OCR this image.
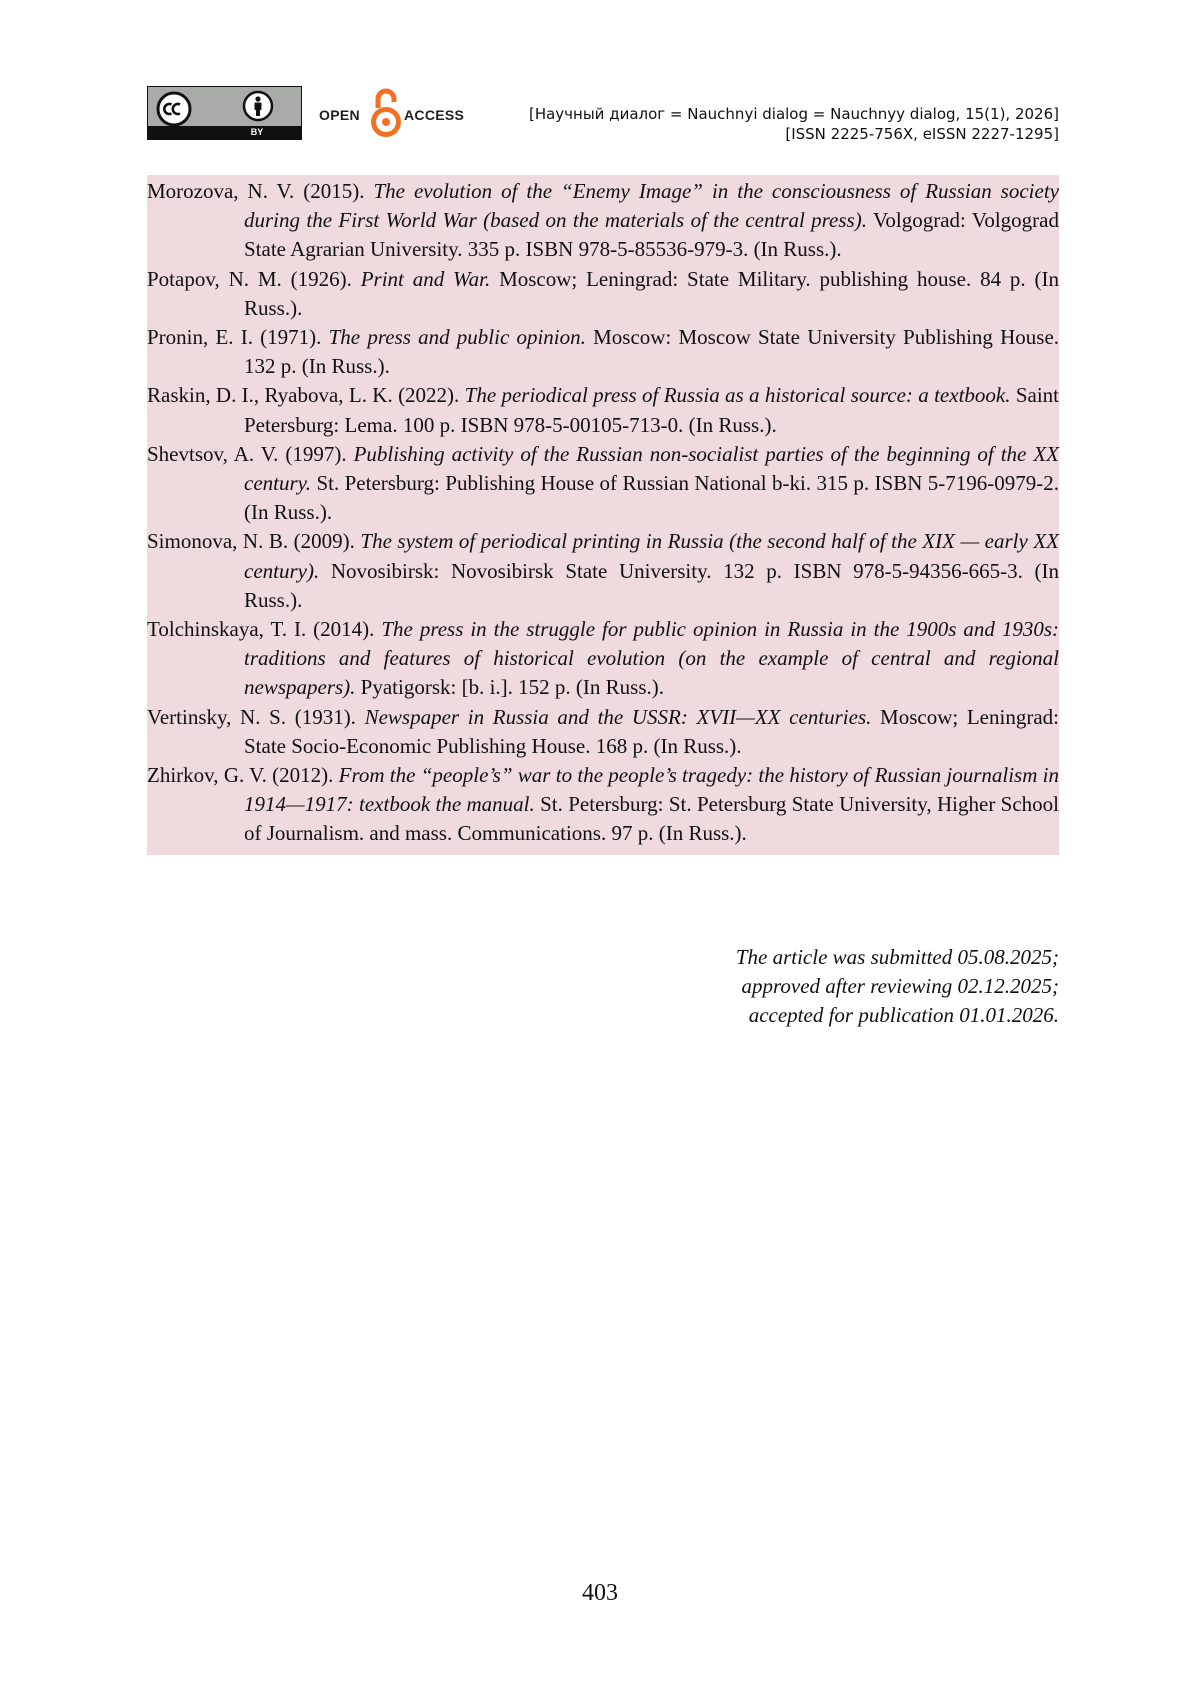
BY
OPEN	ACCESS	[Научный диалог = Nauchnyi dialog = Nauchnyy dialog, 15(1), 2026]
[ISSN 2225-756X, eISSN 2227-1295]
Morozova, N. V. (2015). The evolution of the “Enemy Image” in the consciousness of Russian society during the First World War (based on the materials of the central press). Volgograd: Volgograd State Agrarian University. 335 p. ISBN 978-5-85536-979-3. (In Russ.).
Potapov, N. M. (1926). Print and War. Moscow; Leningrad: State Military. publishing house. 84 p. (In Russ.).
Pronin, E. I. (1971). The press and public opinion. Moscow: Moscow State University Publishing House. 132 p. (In Russ.).
Raskin, D. I., Ryabova, L. K. (2022). The periodical press of Russia as a historical source: a textbook. Saint Petersburg: Lema. 100 p. ISBN 978-5-00105-713-0. (In Russ.).
Shevtsov, A. V. (1997). Publishing activity of the Russian non-socialist parties of the beginning of the XX century. St. Petersburg: Publishing House of Russian National b-ki. 315 p. ISBN 5-7196-0979-2. (In Russ.).
Simonova, N. B. (2009). The system of periodical printing in Russia (the second half of the XIX — early XX century). Novosibirsk: Novosibirsk State University. 132 p. ISBN 978-5-94356-665-3. (In Russ.).
Tolchinskaya, T. I. (2014). The press in the struggle for public opinion in Russia in the 1900s and 1930s: traditions and features of historical evolution (on the example of central and regional newspapers). Pyatigorsk: [b. i.]. 152 p. (In Russ.).
Vertinsky, N. S. (1931). Newspaper in Russia and the USSR: XVII—XX centuries. Moscow; Leningrad: State Socio-Economic Publishing House. 168 p. (In Russ.).
Zhirkov, G. V. (2012). From the “people’s” war to the people’s tragedy: the history of Russian journalism in 1914—1917: textbook the manual. St. Petersburg: St. Petersburg State University, Higher School of Journalism. and mass. Communications. 97 p. (In Russ.).
The article was submitted 05.08.2025;
approved after reviewing 02.12.2025;
accepted for publication 01.01.2026.
403
